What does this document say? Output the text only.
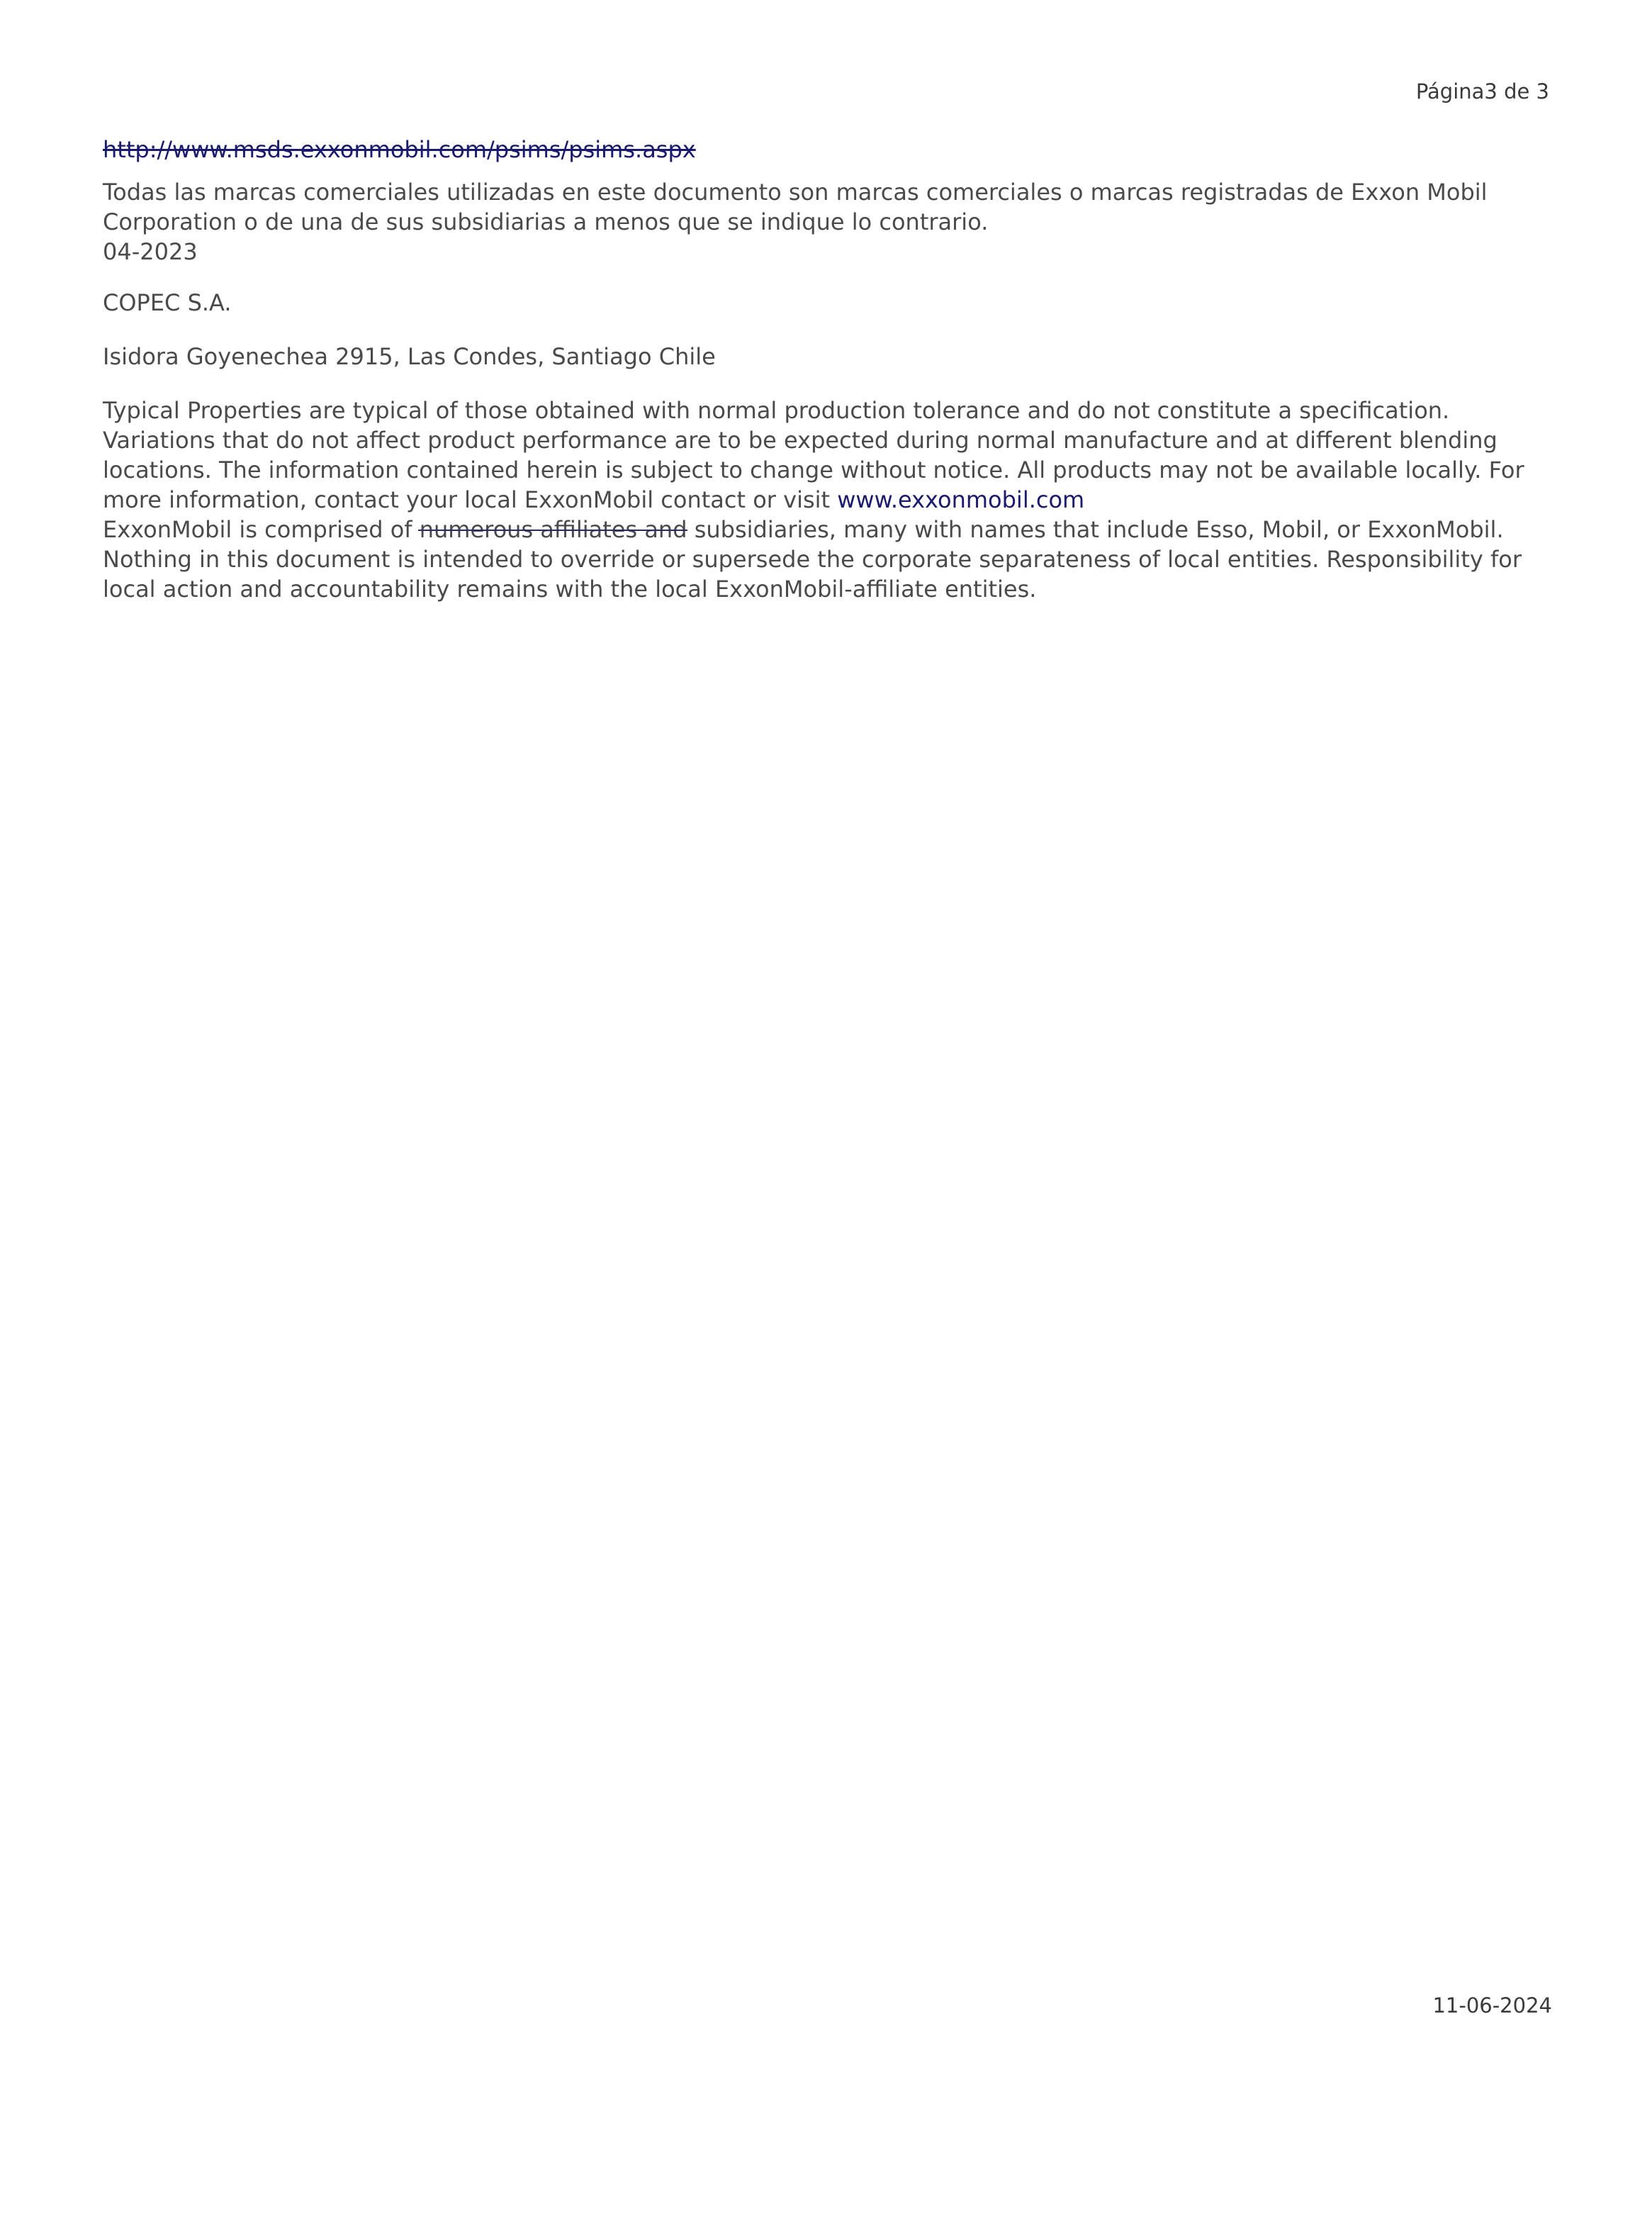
Página3 de 3

http://www.msds.exxonmobil.com/psims/psims.aspx

Todas las marcas comerciales utilizadas en este documento son marcas comerciales o marcas registradas de Exxon Mobil Corporation o de una de sus subsidiarias a menos que se indique lo contrario.

04-2023

COPEC S.A.

Isidora Goyenechea 2915, Las Condes, Santiago Chile

Typical Properties are typical of those obtained with normal production tolerance and do not constitute a specification. Variations that do not affect product performance are to be expected during normal manufacture and at different blending locations. The information contained herein is subject to change without notice. All products may not be available locally. For more information, contact your local ExxonMobil contact or visit www.exxonmobil.com
ExxonMobil is comprised of numerous affiliates and subsidiaries, many with names that include Esso, Mobil, or ExxonMobil. Nothing in this document is intended to override or supersede the corporate separateness of local entities. Responsibility for local action and accountability remains with the local ExxonMobil-affiliate entities.

11-06-2024
